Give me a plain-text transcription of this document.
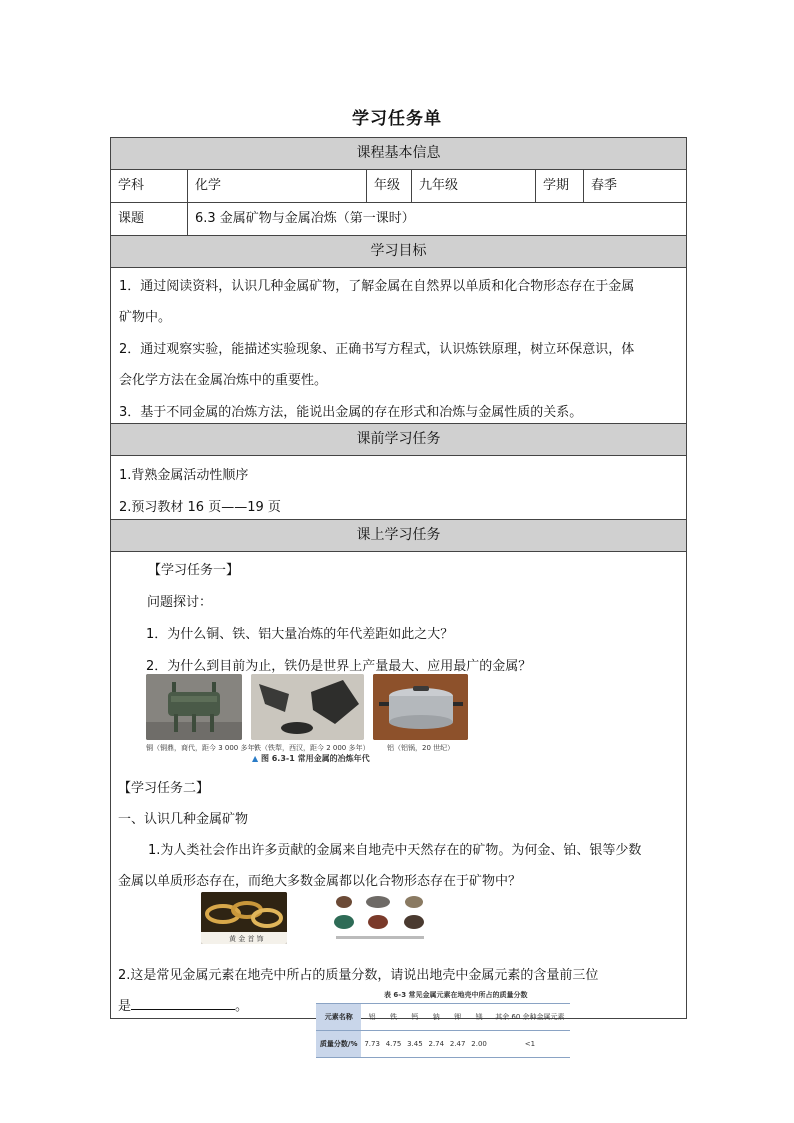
学习任务单
课程基本信息
学科	化学	年级	九年级	学期	春季
课题	6.3 金属矿物与金属冶炼（第一课时）
学习目标
1．通过阅读资料，认识几种金属矿物，了解金属在自然界以单质和化合物形态存在于金属
矿物中。
2．通过观察实验，能描述实验现象、正确书写方程式，认识炼铁原理，树立环保意识，体
会化学方法在金属冶炼中的重要性。
3．基于不同金属的冶炼方法，能说出金属的存在形式和冶炼与金属性质的关系。
课前学习任务
1.背熟金属活动性顺序
2.预习教材 16 页——19 页
课上学习任务
【学习任务一】
问题探讨：
1．为什么铜、铁、铝大量冶炼的年代差距如此之大？
2．为什么到目前为止，铁仍是世界上产量最大、应用最广的金属？
铜（铜鼎，商代，距今 3 000 多年）
铁（铁犁，西汉，距今 2 000 多年）	铝（铝锅，20 世纪）
▲ 图 6.3-1 常用金属的冶炼年代
【学习任务二】
一、认识几种金属矿物
1.为人类社会作出许多贡献的金属来自地壳中天然存在的矿物。为何金、铂、银等少数
金属以单质形态存在，而绝大多数金属都以化合物形态存在于矿物中？
黄 金 首 饰
2.这是常见金属元素在地壳中所占的质量分数，请说出地壳中金属元素的含量前三位
是	。
表 6-3 常见金属元素在地壳中所占的质量分数
元素名称	铝	铁	钙	钠	钾	镁	其余 60 余种金属元素
质量分数/%	7.73	4.75	3.45	2.74	2.47	2.00	<1
